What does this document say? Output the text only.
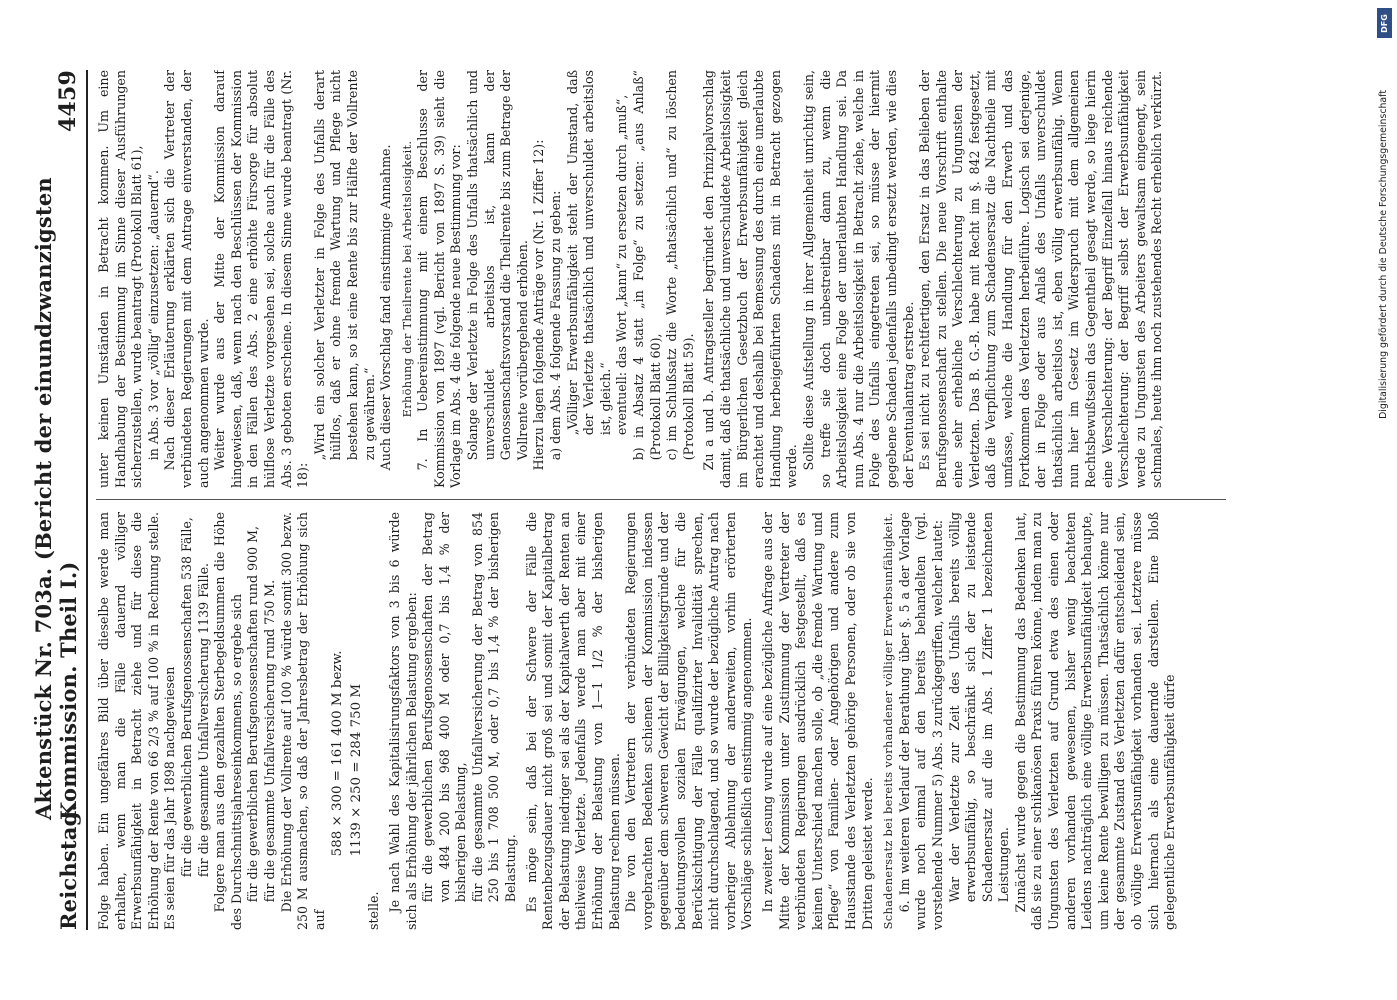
Reichstag.
Aktenstück Nr. 703a. (Bericht der einundzwanzigsten Kommission. Theil I.)
4459

Folge haben. Ein ungefähres Bild über dieselbe werde man erhalten, wenn man die Fälle dauernd völliger Erwerbsunfähigkeit in Betracht ziehe und für diese die Erhöhung der Rente von 66 2/3 % auf 100 % in Rechnung stelle. Es seien für das Jahr 1898 nachgewiesen für die gewerblichen Berufsgenossenschaften 538 Fälle, für die gesammte Unfallversicherung 1139 Fälle. Folgere man aus den gezahlten Sterbegeldsummen die Höhe des Durchschnittsjahreseinkommens, so ergebe sich für die gewerblichen Berufsgenossenschaften rund 900 M, für die gesammte Unfallversicherung rund 750 M. Die Erhöhung der Vollrente auf 100 % würde somit 300 bezw. 250 M ausmachen, so daß der Jahresbetrag der Erhöhung sich auf

588 × 300 = 161 400 M bezw. 1139 × 250 = 284 750 M

stelle. Je nach Wahl des Kapitalisirungsfaktors von 3 bis 6 würde sich als Erhöhung der jährlichen Belastung ergeben: für die gewerblichen Berufsgenossenschaften der Betrag von 484 200 bis 968 400 M oder 0,7 bis 1,4 % der bisherigen Belastung, für die gesammte Unfallversicherung der Betrag von 854 250 bis 1 708 500 M, oder 0,7 bis 1,4 % der bisherigen Belastung. Es möge sein, daß bei der Schwere der Fälle die Rentenbezugsdauer nicht groß sei und somit der Kapitalbetrag der Belastung niedriger sei als der Kapitalwerth der Renten an theilweise Verletzte. Jedenfalls werde man aber mit einer Erhöhung der Belastung von 1—1 1/2 % der bisherigen Belastung rechnen müssen. Die von den Vertretern der verbündeten Regierungen vorgebrachten Bedenken schienen der Kommission indessen gegenüber dem schweren Gewicht der Billigkeitsgründe und der bedeutungsvollen sozialen Erwägungen, welche für die Berücksichtigung der Fälle qualifizirter Invalidität sprechen, nicht durchschlagend, und so wurde der bezügliche Antrag nach vorheriger Ablehnung der anderweiten, vorhin erörterten Vorschläge schließlich einstimmig angenommen. In zweiter Lesung wurde auf eine bezügliche Anfrage aus der Mitte der Kommission unter Zustimmung der Vertreter der verbündeten Regierungen ausdrücklich festgestellt, daß es keinen Unterschied machen solle, ob „die fremde Wartung und Pflege“ von Familien- oder Angehörigen und andere zum Hausstande des Verletzten gehörige Personen, oder ob sie von Dritten geleistet werde. Schadenersatz bei bereits vorhandener völliger Erwerbsunfähigkeit. 6. Im weiteren Verlauf der Berathung über §. 5 a der Vorlage wurde noch einmal auf den bereits behandelten (vgl. vorstehende Nummer 5) Abs. 3 zurückgegriffen, welcher lautet: War der Verletzte zur Zeit des Unfalls bereits völlig erwerbsunfähig, so beschränkt sich der zu leistende Schadenersatz auf die im Abs. 1 Ziffer 1 bezeichneten Leistungen. Zunächst wurde gegen die Bestimmung das Bedenken laut, daß sie zu einer schikanösen Praxis führen könne, indem man zu Ungunsten des Verletzten auf Grund etwa des einen oder anderen vorhanden gewesenen, bisher wenig beachteten Leidens nachträglich eine völlige Erwerbsunfähigkeit behaupte, um keine Rente bewilligen zu müssen. Thatsächlich könne nur der gesammte Zustand des Verletzten dafür entscheidend sein, ob völlige Erwerbsunfähigkeit vorhanden sei. Letztere müsse sich hiernach als eine dauernde darstellen. Eine bloß gelegentliche Erwerbsunfähigkeit dürfe

unter keinen Umständen in Betracht kommen. Um eine Handhabung der Bestimmung im Sinne dieser Ausführungen sicherzustellen, wurde beantragt (Protokoll Blatt 61), in Abs. 3 vor „völlig“ einzusetzen: „dauernd“. Nach dieser Erläuterung erklärten sich die Vertreter der verbündeten Regierungen mit dem Antrage einverstanden, der auch angenommen wurde. Weiter wurde aus der Mitte der Kommission darauf hingewiesen, daß, wenn nach den Beschlüssen der Kommission in den Fällen des Abs. 2 eine erhöhte Fürsorge für absolut hülflose Verletzte vorgesehen sei, solche auch für die Fälle des Abs. 3 geboten erscheine. In diesem Sinne wurde beantragt (Nr. 18):

„Wird ein solcher Verletzter in Folge des Unfalls derart hülflos, daß er ohne fremde Wartung und Pflege nicht bestehen kann, so ist eine Rente bis zur Hälfte der Vollrente zu gewähren.“ Auch dieser Vorschlag fand einstimmige Annahme. Erhöhung der Theilrente bei Arbeitslosigkeit. 7. In Uebereinstimmung mit einem Beschlusse der Kommission von 1897 (vgl. Bericht von 1897 S. 39) sieht die Vorlage im Abs. 4 die folgende neue Bestimmung vor: Solange der Verletzte in Folge des Unfalls thatsächlich und unverschuldet arbeitslos ist, kann der Genossenschaftsvorstand die Theilrente bis zum Betrage der Vollrente vorübergehend erhöhen. Hierzu lagen folgende Anträge vor (Nr. 1 Ziffer 12): a) dem Abs. 4 folgende Fassung zu geben: „Völliger Erwerbsunfähigkeit steht der Umstand, daß der Verletzte thatsächlich und unverschuldet arbeitslos ist, gleich.“ eventuell: das Wort „kann“ zu ersetzen durch „muß“, b) in Absatz 4 statt „in Folge“ zu setzen: „aus Anlaß“ (Protokoll Blatt 60), c) im Schlußsatz die Worte „thatsächlich und“ zu löschen (Protokoll Blatt 59). Zu a und b. Antragsteller begründet den Prinzipalvorschlag damit, daß die thatsächliche und unverschuldete Arbeitslosigkeit im Bürgerlichen Gesetzbuch der Erwerbsunfähigkeit gleich erachtet und deshalb bei Bemessung des durch eine unerlaubte Handlung herbeigeführten Schadens mit in Betracht gezogen werde. Sollte diese Aufstellung in ihrer Allgemeinheit unrichtig sein, so treffe sie doch unbestreitbar dann zu, wenn die Arbeitslosigkeit eine Folge der unerlaubten Handlung sei. Da nun Abs. 4 nur die Arbeitslosigkeit in Betracht ziehe, welche in Folge des Unfalls eingetreten sei, so müsse der hiermit gegebene Schaden jedenfalls unbedingt ersetzt werden, wie dies der Eventualantrag erstrebe. Es sei nicht zu rechtfertigen, den Ersatz in das Belieben der Berufsgenossenschaft zu stellen. Die neue Vorschrift enthalte eine sehr erhebliche Verschlechterung zu Ungunsten der Verletzten. Das B. G.-B. habe mit Recht im §. 842 festgesetzt, daß die Verpflichtung zum Schadensersatz die Nachtheile mit umfasse, welche die Handlung für den Erwerb und das Fortkommen des Verletzten herbeiführe. Logisch sei derjenige, der in Folge oder aus Anlaß des Unfalls unverschuldet thatsächlich arbeitslos ist, eben völlig erwerbsunfähig. Wenn nun hier im Gesetz im Widerspruch mit dem allgemeinen Rechtsbewußtsein das Gegentheil gesagt werde, so liege hierin eine Verschlechterung: der Begriff Einzelfall hinaus reichende Verschlechterung: der Begriff selbst der Erwerbsunfähigkeit werde zu Ungunsten des Arbeiters gewaltsam eingeengt, sein schmales, heute ihm noch zustehendes Recht erheblich verkürzt.

DFG
Digitalisierung gefördert durch die Deutsche Forschungsgemeinschaft
